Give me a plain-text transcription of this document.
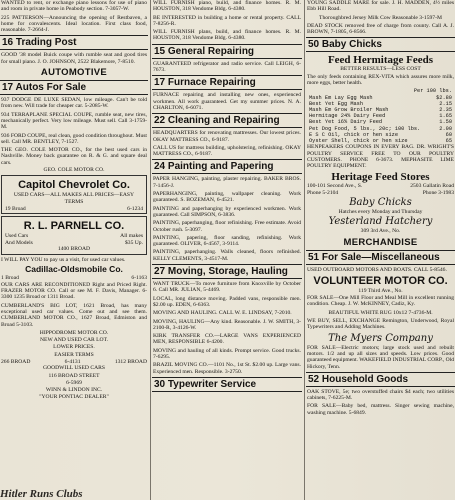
WANTED to rent, or exchange piano lessons for use of piano and room in private home in Peabody section. 7-3057-W.

225 PATTERSON—Announcing the opening of Restbaven, a home for convalescents. Ideal location. First class food, reasonable. 7-2664-J.

16 Trading Post

GOOD '38 model Buick coupe with rumble seat and good tires for small piano. J. O. JOHNSON, 2522 Blakemore, 7-8510.

AUTOMOTIVE
17 Autos For Sale

937 DODGE DE LUXE SEDAN, low mileage. Can't be told from new. Will trade for cheaper car. 5-2085-W.

934 TERRAPLANE SPECIAL COUPE, rumble seat, new tires, mechanically perfect. Very low mileage. Must sell. Call 3-1759-M.

936 FORD COUPE, real clean, good condition throughout. Must sell. Call MR. BENTLEY, 7-1527.

THE GEO. COLE MOTOR CO., for the best used cars in Nashville. Money back guarantee on R. & G. and square deal cars.

GEO. COLE MOTOR CO.

Capitol Chevrolet Co.

USED CARS—ALL MAKES ALL PRICES—EASY TERMS

19 Broad	6-1234
R. L. PARNELL CO.
Used Cars	All makes
And Models	$35 Up.

1400 BROAD

I WILL PAY YOU to pay us a visit, for used car values.

Cadillac-Oldsmobile Co.
1 Broad	6-1163

OUR CARS ARE RECONDITIONED Right and Priced Right. FRAZER MOTOR CO. Call or see M. F. Davis, Manager. 6-3300 1235 Broad or 1311 Broad.

CUMBERLAND'S BIG LOT, 1621 Broad, has many exceptional used car values. Come out and see them. CUMBERLAND MOTOR CO., 1627 Broad, Edmiston and Broad 5-3103.

HIPPODROME MOTOR CO.

NEW AND USED CAR LOT.

LOWER PRICES.

EASIER TERMS

266 BROAD	6-4131	1312 BROAD

GOODWILL USED CARS

116 BROAD STREET

6-5969

WINN & LINDON INC.

"YOUR PONTIAC DEALER"

Hitler Runs Clubs

WILL FURNISH piano, build, and finance homes. R. M. HOUSTON, 318 Vendome Bldg. 6-4380.

BE INTERESTED in building a home or rental property. CALL 7-8256-R.

WILL FURNISH plans, build, and finance homes. R. M. HOUSTON, 318 Vendome Bldg. 6-4380.

15 General Repairing

GUARANTEED refrigerator and radio service. Call LEIGH, 6-7673.

17 Furnace Repairing

FURNACE repairing and installing new ones, experienced workmen. All work guaranteed. Get my summer prices. N. A. CHARLTON, 6-6071.

22 Cleaning and Repairing

HEADQUARTERS for renovating mattresses. Our lowest prices. OKAY MATTRESS CO., 6-9187.

CALL US for mattress building, upholstering, refinishing. OKAY MATTRESS CO., 6-9187.

24 Painting and Papering

PAPER HANGING, painting, plaster repairing. BAKER BROS. 7-1456-J.

PAPERHANGING, painting, wallpaper cleaning. Work guaranteed. S. BOZEMAN, 6-4521.

PAINTING and paperhanging by experienced workmen. Work guaranteed. Call SIMPSON, 6-3836.

PAINTING, paperhanging, floor refinishing. Free estimate. Avoid October rush. 5-3097.

PAINTING, papering, floor sanding, refinishing. Work guaranteed. OLIVER, 6-4567, 3-9114.

PAINTING, paperhanging. Walls cleaned, floors refinished. KELLY CLEMENTS, 3-4517-M.

27 Moving, Storage, Hauling

WANT TRUCK—To move furniture from Knoxville by October 6. Call MR. JULIAN, 5-4469.

LOCAL, long distance moving. Padded vans, responsible men. $2.00 up. EDEN, 6-6363.

MOVING AND HAULING. CALL W. E. LINDSAY, 7-2010.

MOVING, HAULING—Any kind. Reasonable. J. W. SMITH, 3-2100-R, 3-4126-W.

KIRK TRANSFER CO.—LARGE VANS EXPERIENCED MEN, RESPONSIBLE 6-4200.

MOVING and hauling of all kinds. Prompt service. Good trucks. 7-6295.

BRAZIL MOVING CO.—1101 No., 1st St. $2.00 up. Large vans. Experienced men. Responsible. 3-2750.

30 Typewriter Service

YOUNG SADDLE MARE for sale. J. H. MADDEN, 4½ miles Ebb Hill Road.

Thoroughbred Jersey Milk Cow Reasonable 3-1597-M

DEAD STOCK removed free of charge from county. Call A. J. BROWN, 7-1805, 6-8566.

50 Baby Chicks
Feed Hermitage Feeds

BETTER RESULTS—LESS COST

The only feeds containing REX-VITA which assures more milk, more eggs, better health.

Per 100 lbs.
Mash Em Lay Egg Mash	$2.80
Best Yet Egg Mash	2.15
Mash Em Grow Broiler Mash	2.35
Hermitage 24% Dairy Feed	1.65
Best Yet 16% Dairy Feed	1.50
Pet Dog Food, 5 lbs., 20c; 100 lbs.	2.00
E S C Oil, chick or hen size	60
Oyster Shell, chick or hen size	65

HENPEAKERS COUPONS IN EVERY BAG. DR. WRIGHT'S POULTRY SERVICE FREE TO OUR POULTRY CUSTOMERS. PHONE 6-3673. MEPHASITE LIME POULTRY EQUIPMENT.

Heritage Feed Stores
100-101 Second Ave., S.	2503 Gallatin Road
Phone 5-2104	Phone 3-1983
Baby Chicks

Hatches every Monday and Thursday

Yesterland Hatchery

309 3rd Ave., No.

MERCHANDISE
51 For Sale—Miscellaneous

USED OUTBOARD MOTORS AND BOATS. CALL 5-8546.

VOLUNTEER MOTOR CO.

119 Third Ave., No.

FOR SALE—One Mill Floor and Meal Mill in excellent running condition. Cheap. J. W. McKINNEY, Cadiz, Ky.

BEAUTIFUL WHITE RUG 10x12 7-4736-M.

WE BUY, SELL, EXCHANGE Remington, Underwood, Royal Typewriters and Adding Machines.

The Myers Company

FOR SALE—Electric motors; large stock used and rebuilt motors. 1/2 and up all sizes and speeds. Low prices. Good guaranteed equipment. WAKEFIELD INDUSTRIAL CORP., Old Hickory, Tenn.

52 Household Goods

OAK STOVE, 5e; two overstuffed chairs $4 each; two utilities cabinets, 7-6225-M.

FOR SALE—Baby bed, mattress. Singer sewing machine, washing machine. 5-6849.
